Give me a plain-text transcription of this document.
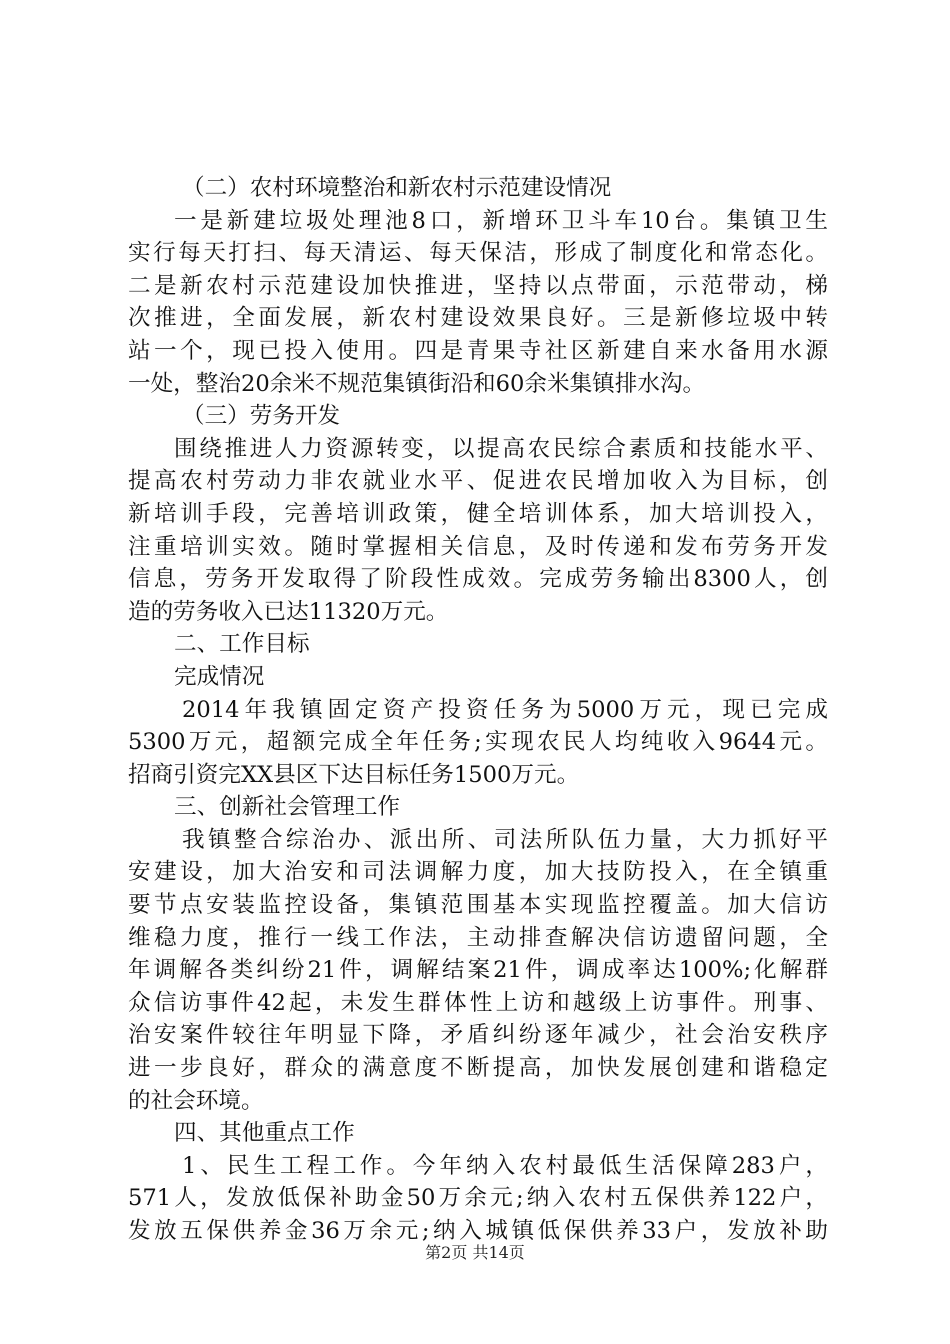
（二）农村环境整治和新农村示范建设情况
一是新建垃圾处理池8口，新增环卫斗车10台。集镇卫生
实行每天打扫、每天清运、每天保洁，形成了制度化和常态化。
二是新农村示范建设加快推进，坚持以点带面，示范带动，梯
次推进，全面发展，新农村建设效果良好。三是新修垃圾中转
站一个，现已投入使用。四是青果寺社区新建自来水备用水源
一处，整治20余米不规范集镇街沿和60余米集镇排水沟。
（三）劳务开发
围绕推进人力资源转变，以提高农民综合素质和技能水平、
提高农村劳动力非农就业水平、促进农民增加收入为目标，创
新培训手段，完善培训政策，健全培训体系，加大培训投入，
注重培训实效。随时掌握相关信息，及时传递和发布劳务开发
信息，劳务开发取得了阶段性成效。完成劳务输出8300人，创
造的劳务收入已达11320万元。
二、工作目标
完成情况
2014年我镇固定资产投资任务为5000万元，现已完成
5300万元，超额完成全年任务;实现农民人均纯收入9644元。
招商引资完XX县区下达目标任务1500万元。
三、创新社会管理工作
我镇整合综治办、派出所、司法所队伍力量，大力抓好平
安建设，加大治安和司法调解力度，加大技防投入，在全镇重
要节点安装监控设备，集镇范围基本实现监控覆盖。加大信访
维稳力度，推行一线工作法，主动排查解决信访遗留问题，全
年调解各类纠纷21件，调解结案21件，调成率达100%;化解群
众信访事件42起，未发生群体性上访和越级上访事件。刑事、
治安案件较往年明显下降，矛盾纠纷逐年减少，社会治安秩序
进一步良好，群众的满意度不断提高，加快发展创建和谐稳定
的社会环境。
四、其他重点工作
1、民生工程工作。今年纳入农村最低生活保障283户，
571人，发放低保补助金50万余元;纳入农村五保供养122户，
发放五保供养金36万余元;纳入城镇低保供养33户，发放补助
第2页 共14页
